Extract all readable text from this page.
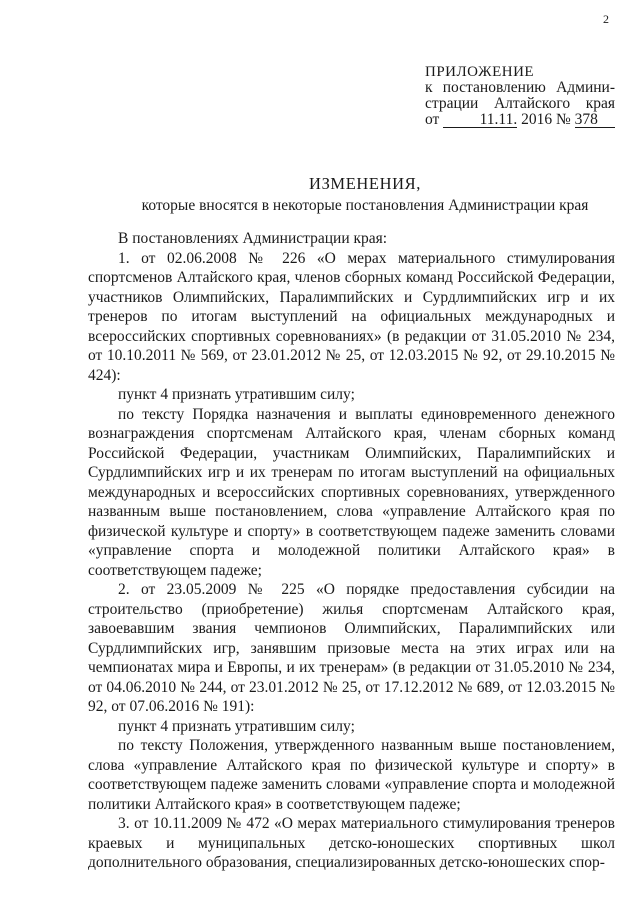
2
ПРИЛОЖЕНИЕ
к постановлению Админи-
страции Алтайского края
от	11.11. 2016 № 378
ИЗМЕНЕНИЯ,
которые вносятся в некоторые постановления Администрации края

В постановлениях Администрации края:

1. от 02.06.2008 № 226 «О мерах материального стимулирования спортсменов Алтайского края, членов сборных команд Российской Федерации, участников Олимпийских, Паралимпийских и Сурдлимпийских игр и их тренеров по итогам выступлений на официальных международных и всероссийских спортивных соревнованиях» (в редакции от 31.05.2010 № 234, от 10.10.2011 № 569, от 23.01.2012 № 25, от 12.03.2015 № 92, от 29.10.2015 № 424):

пункт 4 признать утратившим силу;

по тексту Порядка назначения и выплаты единовременного денежного вознаграждения спортсменам Алтайского края, членам сборных команд Российской Федерации, участникам Олимпийских, Паралимпийских и Сурдлимпийских игр и их тренерам по итогам выступлений на официальных международных и всероссийских спортивных соревнованиях, утвержденного названным выше постановлением, слова «управление Алтайского края по физической культуре и спорту» в соответствующем падеже заменить словами «управление спорта и молодежной политики Алтайского края» в соответствующем падеже;

2. от 23.05.2009 № 225 «О порядке предоставления субсидии на строительство (приобретение) жилья спортсменам Алтайского края, завоевавшим звания чемпионов Олимпийских, Паралимпийских или Сурдлимпийских игр, занявшим призовые места на этих играх или на чемпионатах мира и Европы, и их тренерам» (в редакции от 31.05.2010 № 234, от 04.06.2010 № 244, от 23.01.2012 № 25, от 17.12.2012 № 689, от 12.03.2015 № 92, от 07.06.2016 № 191):

пункт 4 признать утратившим силу;

по тексту Положения, утвержденного названным выше постановлением, слова «управление Алтайского края по физической культуре и спорту» в соответствующем падеже заменить словами «управление спорта и молодежной политики Алтайского края» в соответствующем падеже;

3. от 10.11.2009 № 472 «О мерах материального стимулирования тренеров краевых и муниципальных детско-юношеских спортивных школ дополнительного образования, специализированных детско-юношеских спор-
